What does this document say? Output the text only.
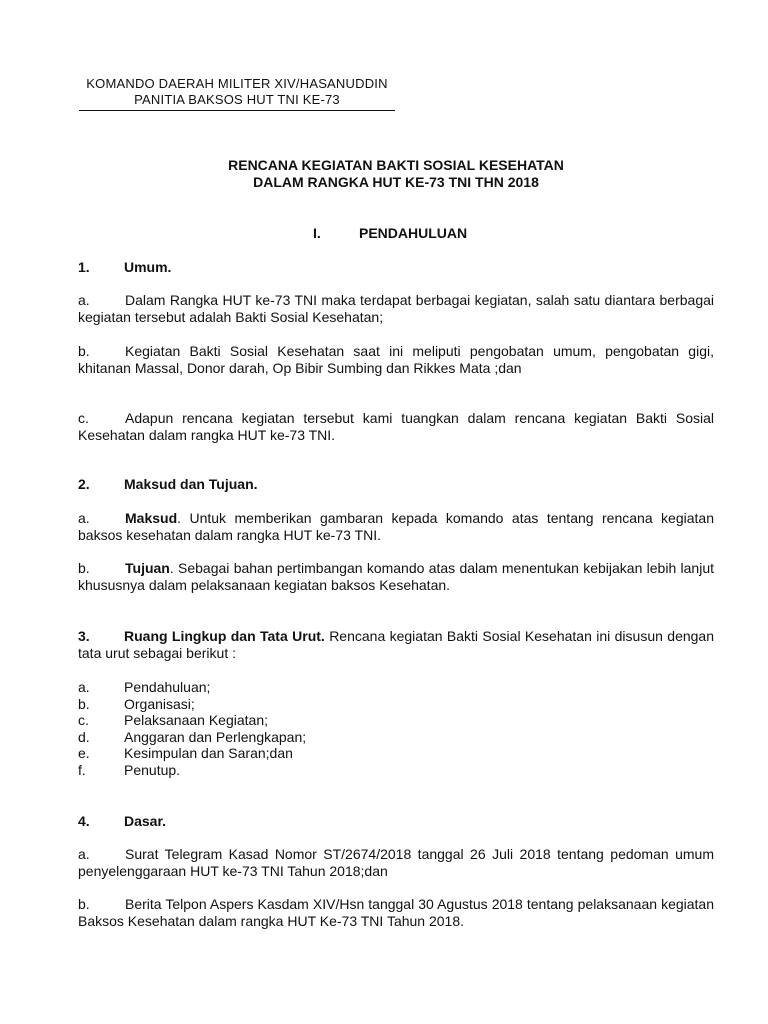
KOMANDO DAERAH MILITER XIV/HASANUDDIN
PANITIA BAKSOS HUT TNI KE-73
RENCANA KEGIATAN BAKTI SOSIAL KESEHATAN
DALAM RANGKA HUT KE-73 TNI THN 2018
I.	PENDAHULUAN
1. Umum.
a.	Dalam Rangka HUT ke-73 TNI maka terdapat berbagai kegiatan, salah satu diantara berbagai kegiatan tersebut adalah Bakti Sosial Kesehatan;
b.	Kegiatan Bakti Sosial Kesehatan saat ini meliputi pengobatan umum, pengobatan gigi, khitanan Massal, Donor darah, Op Bibir Sumbing dan Rikkes Mata ;dan
c.	Adapun rencana kegiatan tersebut kami tuangkan dalam rencana kegiatan Bakti Sosial Kesehatan dalam rangka HUT ke-73 TNI.
2. Maksud dan Tujuan.
a.	Maksud. Untuk memberikan gambaran kepada komando atas tentang rencana kegiatan baksos kesehatan dalam rangka HUT ke-73 TNI.
b.	Tujuan. Sebagai bahan pertimbangan komando atas dalam menentukan kebijakan lebih lanjut khususnya dalam pelaksanaan kegiatan baksos Kesehatan.
3. Ruang Lingkup dan Tata Urut. Rencana kegiatan Bakti Sosial Kesehatan ini disusun dengan tata urut sebagai berikut :
a. Pendahuluan;
b. Organisasi;
c.	Pelaksanaan Kegiatan;
d. Anggaran dan Perlengkapan;
e. Kesimpulan dan Saran;dan
f.	Penutup.
4. Dasar.
a.	Surat Telegram Kasad Nomor ST/2674/2018 tanggal 26 Juli 2018 tentang pedoman umum penyelenggaraan HUT ke-73 TNI Tahun 2018;dan
b.	Berita Telpon Aspers Kasdam XIV/Hsn tanggal 30 Agustus 2018 tentang pelaksanaan kegiatan Baksos Kesehatan dalam rangka HUT Ke-73 TNI Tahun 2018.
